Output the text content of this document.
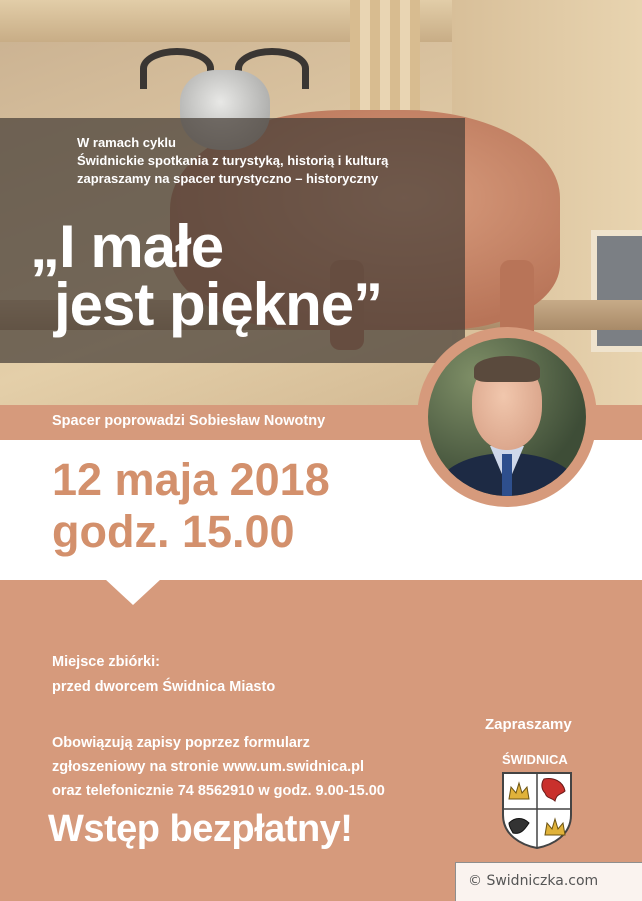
W ramach cyklu
Świdnickie spotkania z turystyką, historią i kulturą
zapraszamy na spacer turystyczno – historyczny
„I małe
jest piękne”
Spacer poprowadzi Sobiesław Nowotny
12 maja 2018
godz. 15.00
Miejsce zbiórki:
przed dworcem Świdnica Miasto
Obowiązują zapisy poprzez formularz
zgłoszeniowy na stronie www.um.swidnica.pl
oraz telefonicznie 74 8562910 w godz. 9.00-15.00
Wstęp bezpłatny!
Zapraszamy
ŚWIDNICA
© Swidniczka.com
